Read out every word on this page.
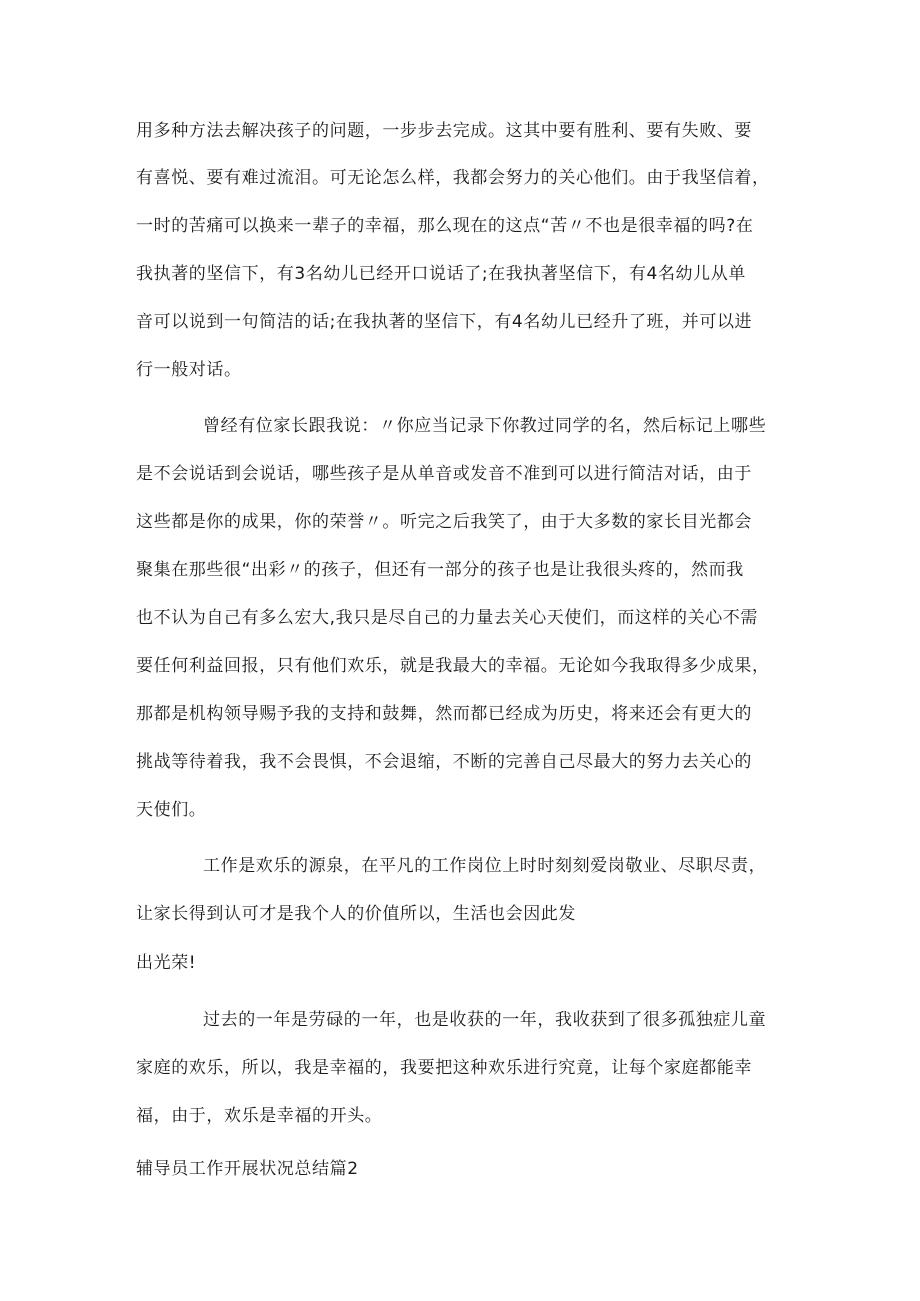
用多种方法去解决孩子的问题，一步步去完成。这其中要有胜利、要有失败、要
有喜悦、要有难过流泪。可无论怎么样，我都会努力的关心他们。由于我坚信着，
一时的苦痛可以换来一辈子的幸福，那么现在的这点“苦〃不也是很幸福的吗?在
我执著的坚信下，有3名幼儿已经开口说话了;在我执著坚信下，有4名幼儿从单
音可以说到一句简洁的话;在我执著的坚信下，有4名幼儿已经升了班，并可以进
行一般对话。
曾经有位家长跟我说：〃你应当记录下你教过同学的名，然后标记上哪些
是不会说话到会说话，哪些孩子是从单音或发音不准到可以进行简洁对话，由于
这些都是你的成果，你的荣誉〃。听完之后我笑了，由于大多数的家长目光都会
聚集在那些很“出彩〃的孩子，但还有一部分的孩子也是让我很头疼的，然而我
也不认为自己有多么宏大,我只是尽自己的力量去关心天使们，而这样的关心不需
要任何利益回报，只有他们欢乐，就是我最大的幸福。无论如今我取得多少成果，
那都是机构领导赐予我的支持和鼓舞，然而都已经成为历史，将来还会有更大的
挑战等待着我，我不会畏惧，不会退缩，不断的完善自己尽最大的努力去关心的
天使们。
工作是欢乐的源泉，在平凡的工作岗位上时时刻刻爱岗敬业、尽职尽责，
让家长得到认可才是我个人的价值所以，生活也会因此发
出光荣!
过去的一年是劳碌的一年，也是收获的一年，我收获到了很多孤独症儿童
家庭的欢乐，所以，我是幸福的，我要把这种欢乐进行究竟，让每个家庭都能幸
福，由于，欢乐是幸福的开头。
辅导员工作开展状况总结篇2
